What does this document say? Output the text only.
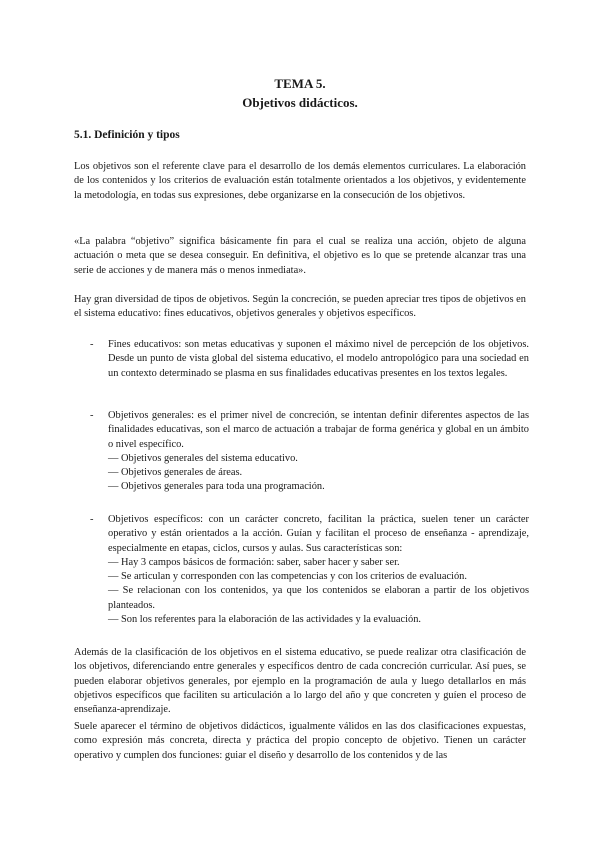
TEMA 5.
Objetivos didácticos.
5.1. Definición y tipos

Los objetivos son el referente clave para el desarrollo de los demás elementos curriculares. La elaboración de los contenidos y los criterios de evaluación están totalmente orientados a los objetivos, y evidentemente la metodología, en todas sus expresiones, debe organizarse en la consecución de los objetivos.

«La palabra “objetivo” significa básicamente fin para el cual se realiza una acción, objeto de alguna actuación o meta que se desea conseguir. En definitiva, el objetivo es lo que se pretende alcanzar tras una serie de acciones y de manera más o menos inmediata».

Hay gran diversidad de tipos de objetivos. Según la concreción, se pueden apreciar tres tipos de objetivos en el sistema educativo: fines educativos, objetivos generales y objetivos específicos.

- Fines educativos: son metas educativas y suponen el máximo nivel de percepción de los objetivos. Desde un punto de vista global del sistema educativo, el modelo antropológico para una sociedad en un contexto determinado se plasma en sus finalidades educativas presentes en los textos legales.
- Objetivos generales: es el primer nivel de concreción, se intentan definir diferentes aspectos de las finalidades educativas, son el marco de actuación a trabajar de forma genérica y global en un ámbito o nivel específico.
— Objetivos generales del sistema educativo.
— Objetivos generales de áreas.
— Objetivos generales para toda una programación.
- Objetivos específicos: con un carácter concreto, facilitan la práctica, suelen tener un carácter operativo y están orientados a la acción. Guían y facilitan el proceso de enseñanza - aprendizaje, especialmente en etapas, ciclos, cursos y aulas. Sus características son:
— Hay 3 campos básicos de formación: saber, saber hacer y saber ser.
— Se articulan y corresponden con las competencias y con los criterios de evaluación.
— Se relacionan con los contenidos, ya que los contenidos se elaboran a partir de los objetivos planteados.
— Son los referentes para la elaboración de las actividades y la evaluación.

Además de la clasificación de los objetivos en el sistema educativo, se puede realizar otra clasificación de los objetivos, diferenciando entre generales y específicos dentro de cada concreción curricular. Así pues, se pueden elaborar objetivos generales, por ejemplo en la programación de aula y luego detallarlos en más objetivos específicos que faciliten su articulación a lo largo del año y que concreten y guíen el proceso de enseñanza-aprendizaje.

Suele aparecer el término de objetivos didácticos, igualmente válidos en las dos clasificaciones expuestas, como expresión más concreta, directa y práctica del propio concepto de objetivo. Tienen un carácter operativo y cumplen dos funciones: guiar el diseño y desarrollo de los contenidos y de las
